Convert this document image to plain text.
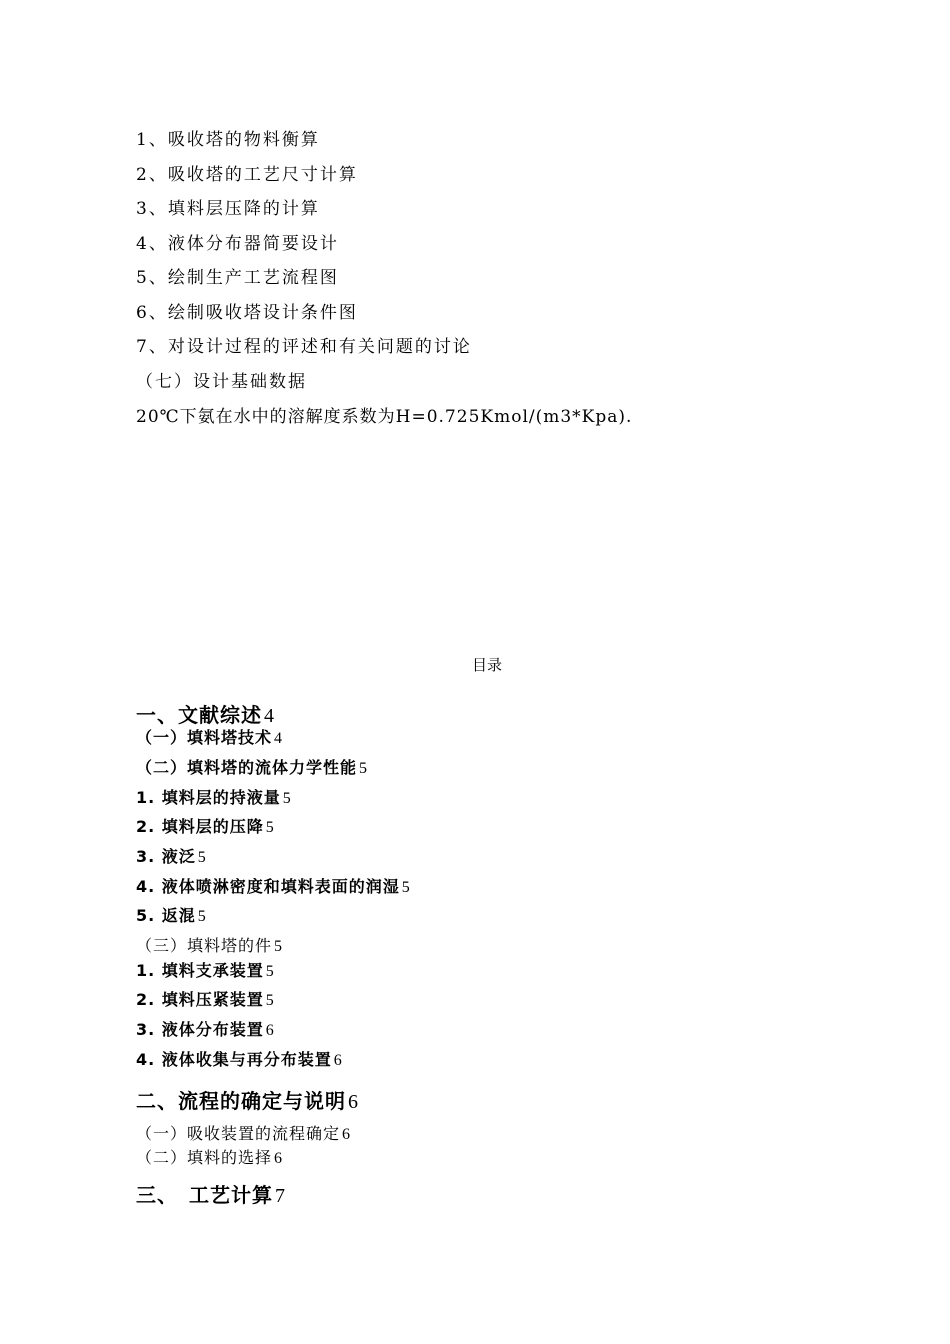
1、吸收塔的物料衡算
2、吸收塔的工艺尺寸计算
3、填料层压降的计算
4、液体分布器简要设计
5、绘制生产工艺流程图
6、绘制吸收塔设计条件图
7、对设计过程的评述和有关问题的讨论
（七）设计基础数据
20℃下氨在水中的溶解度系数为H=0.725Kmol/(m3*Kpa).
目录
一、文献综述 4
（一）填料塔技术 4
（二）填料塔的流体力学性能 5
1. 填料层的持液量 5
2. 填料层的压降 5
3. 液泛 5
4. 液体喷淋密度和填料表面的润湿 5
5. 返混 5
（三）填料塔的件 5
1. 填料支承装置 5
2. 填料压紧装置 5
3. 液体分布装置 6
4. 液体收集与再分布装置 6
二、流程的确定与说明 6
（一）吸收装置的流程确定 6
（二）填料的选择 6
三、　工艺计算 7
